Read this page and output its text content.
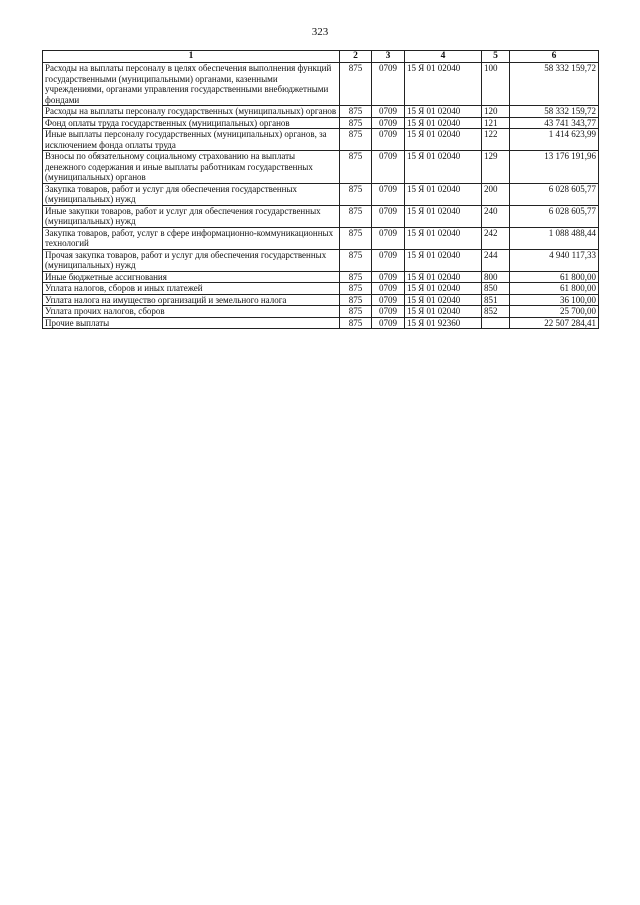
323
1	2	3	4	5	6
Расходы на выплаты персоналу в целях обеспечения выполнения функций государственными (муниципальными) органами, казенными учреждениями, органами управления государственными внебюджетными фондами	875	0709	15 Я 01 02040	100	58 332 159,72
Расходы на выплаты персоналу государственных (муниципальных) органов	875	0709	15 Я 01 02040	120	58 332 159,72
Фонд оплаты труда государственных (муниципальных) органов	875	0709	15 Я 01 02040	121	43 741 343,77
Иные выплаты персоналу государственных (муниципальных) органов, за исключением фонда оплаты труда	875	0709	15 Я 01 02040	122	1 414 623,99
Взносы по обязательному социальному страхованию на выплаты денежного содержания и иные выплаты работникам государственных (муниципальных) органов	875	0709	15 Я 01 02040	129	13 176 191,96
Закупка товаров, работ и услуг для обеспечения государственных (муниципальных) нужд	875	0709	15 Я 01 02040	200	6 028 605,77
Иные закупки товаров, работ и услуг для обеспечения государственных (муниципальных) нужд	875	0709	15 Я 01 02040	240	6 028 605,77
Закупка товаров, работ, услуг в сфере информационно-коммуникационных технологий	875	0709	15 Я 01 02040	242	1 088 488,44
Прочая закупка товаров, работ и услуг для обеспечения государственных (муниципальных) нужд	875	0709	15 Я 01 02040	244	4 940 117,33
Иные бюджетные ассигнования	875	0709	15 Я 01 02040	800	61 800,00
Уплата налогов, сборов и иных платежей	875	0709	15 Я 01 02040	850	61 800,00
Уплата налога на имущество организаций и земельного налога	875	0709	15 Я 01 02040	851	36 100,00
Уплата прочих налогов, сборов	875	0709	15 Я 01 02040	852	25 700,00
Прочие выплаты	875	0709	15 Я 01 92360		22 507 284,41
